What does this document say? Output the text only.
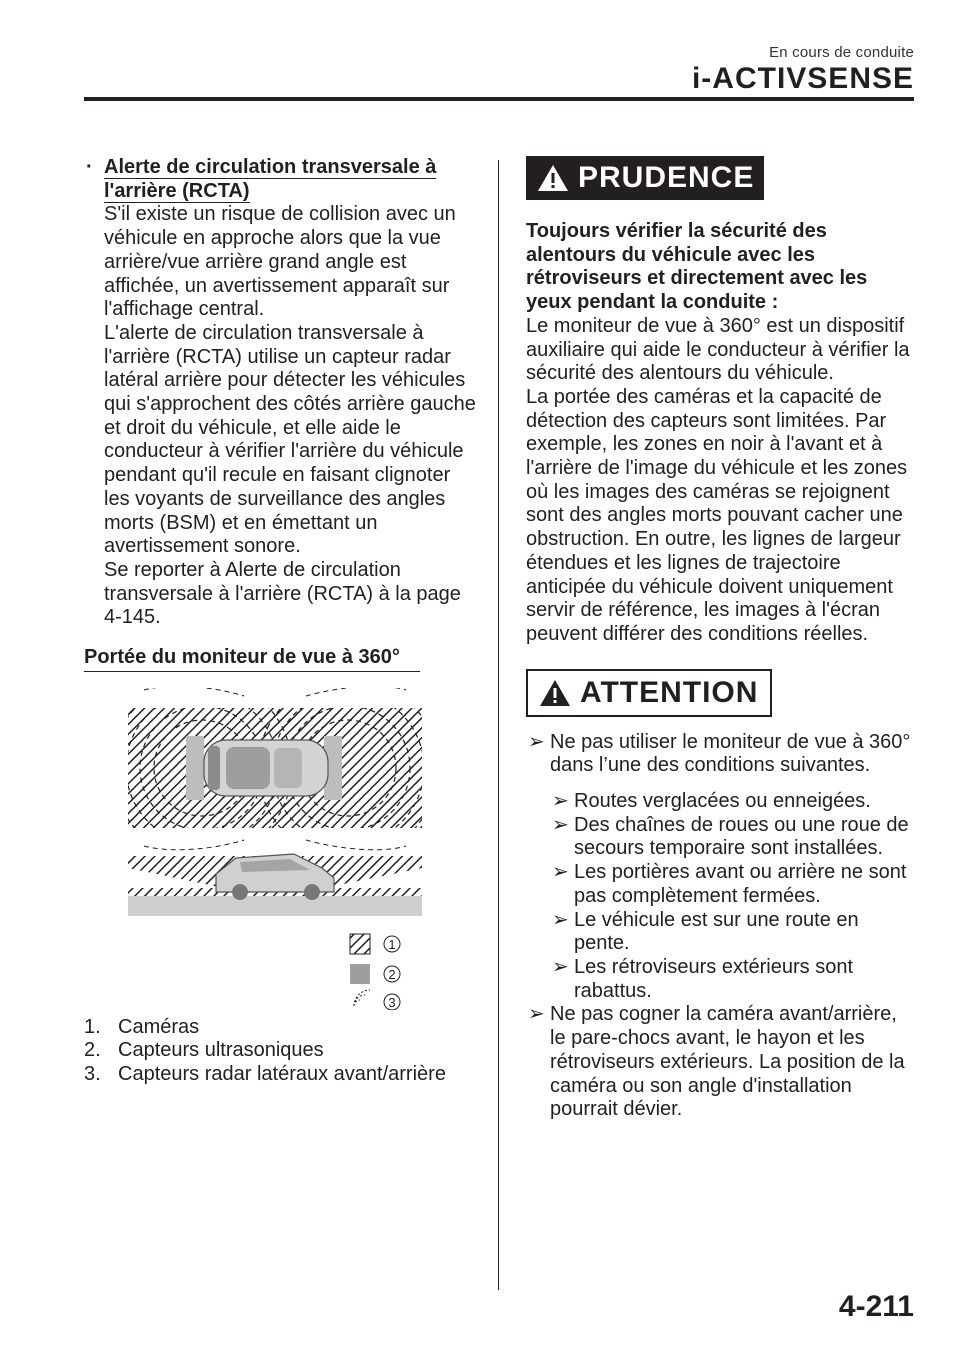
En cours de conduite
i-ACTIVSENSE
· Alerte de circulation transversale à l'arrière (RCTA)
S'il existe un risque de collision avec un véhicule en approche alors que la vue arrière/vue arrière grand angle est affichée, un avertissement apparaît sur l'affichage central.
L'alerte de circulation transversale à l'arrière (RCTA) utilise un capteur radar latéral arrière pour détecter les véhicules qui s'approchent des côtés arrière gauche et droit du véhicule, et elle aide le conducteur à vérifier l'arrière du véhicule pendant qu'il recule en faisant clignoter les voyants de surveillance des angles morts (BSM) et en émettant un avertissement sonore.
Se reporter à Alerte de circulation transversale à l'arrière (RCTA) à la page 4-145.
Portée du moniteur de vue à 360°
1
2
3
1. Caméras
2. Capteurs ultrasoniques
3. Capteurs radar latéraux avant/arrière
PRUDENCE
Toujours vérifier la sécurité des alentours du véhicule avec les rétroviseurs et directement avec les yeux pendant la conduite :
Le moniteur de vue à 360° est un dispositif auxiliaire qui aide le conducteur à vérifier la sécurité des alentours du véhicule.
La portée des caméras et la capacité de détection des capteurs sont limitées. Par exemple, les zones en noir à l'avant et à l'arrière de l'image du véhicule et les zones où les images des caméras se rejoignent sont des angles morts pouvant cacher une obstruction. En outre, les lignes de largeur étendues et les lignes de trajectoire anticipée du véhicule doivent uniquement servir de référence, les images à l'écran peuvent différer des conditions réelles.
ATTENTION
➢ Ne pas utiliser le moniteur de vue à 360° dans l’une des conditions suivantes.
➢ Routes verglacées ou enneigées.
➢ Des chaînes de roues ou une roue de secours temporaire sont installées.
➢ Les portières avant ou arrière ne sont pas complètement fermées.
➢ Le véhicule est sur une route en pente.
➢ Les rétroviseurs extérieurs sont rabattus.
➢ Ne pas cogner la caméra avant/arrière, le pare-chocs avant, le hayon et les rétroviseurs extérieurs. La position de la caméra ou son angle d'installation pourrait dévier.
4-211
